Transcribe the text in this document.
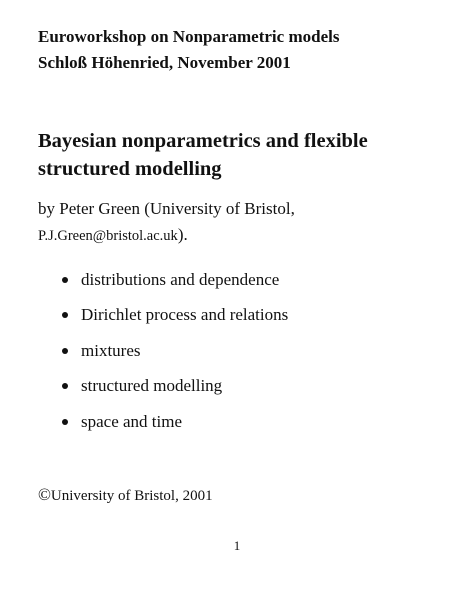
Euroworkshop on Nonparametric models
Schloß Höhenried, November 2001
Bayesian nonparametrics and flexible
structured modelling
by Peter Green (University of Bristol,
P.J.Green@bristol.ac.uk).
distributions and dependence
Dirichlet process and relations
mixtures
structured modelling
space and time
©University of Bristol, 2001
1
